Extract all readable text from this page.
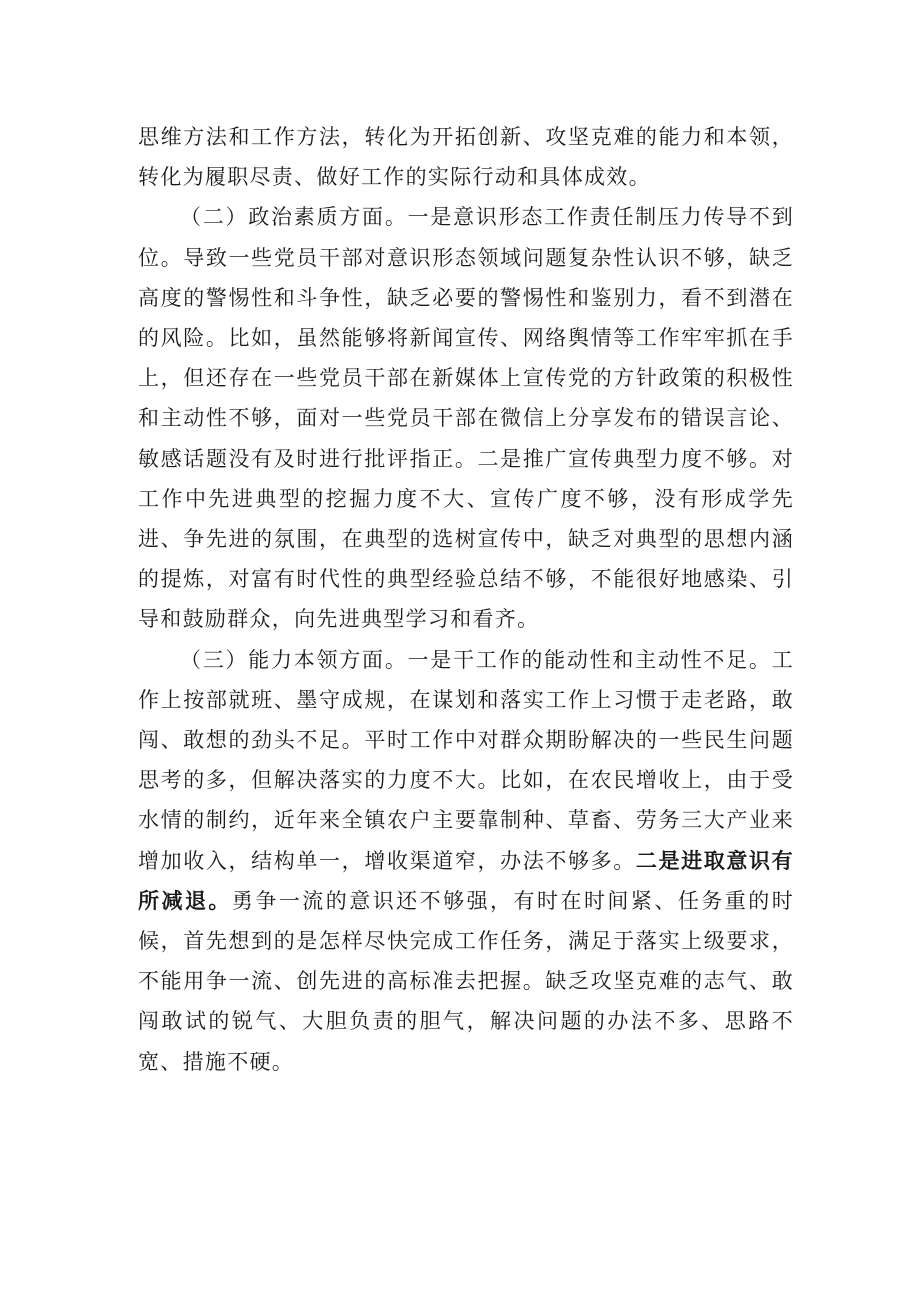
思维方法和工作方法，转化为开拓创新、攻坚克难的能力和本领，转化为履职尽责、做好工作的实际行动和具体成效。

（二）政治素质方面。一是意识形态工作责任制压力传导不到位。导致一些党员干部对意识形态领域问题复杂性认识不够，缺乏高度的警惕性和斗争性，缺乏必要的警惕性和鉴别力，看不到潜在的风险。比如，虽然能够将新闻宣传、网络舆情等工作牢牢抓在手上，但还存在一些党员干部在新媒体上宣传党的方针政策的积极性和主动性不够，面对一些党员干部在微信上分享发布的错误言论、敏感话题没有及时进行批评指正。二是推广宣传典型力度不够。对工作中先进典型的挖掘力度不大、宣传广度不够，没有形成学先进、争先进的氛围，在典型的选树宣传中，缺乏对典型的思想内涵的提炼，对富有时代性的典型经验总结不够，不能很好地感染、引导和鼓励群众，向先进典型学习和看齐。

（三）能力本领方面。一是干工作的能动性和主动性不足。工作上按部就班、墨守成规，在谋划和落实工作上习惯于走老路，敢闯、敢想的劲头不足。平时工作中对群众期盼解决的一些民生问题思考的多，但解决落实的力度不大。比如，在农民增收上，由于受水情的制约，近年来全镇农户主要靠制种、草畜、劳务三大产业来增加收入，结构单一，增收渠道窄，办法不够多。二是进取意识有所减退。勇争一流的意识还不够强，有时在时间紧、任务重的时候，首先想到的是怎样尽快完成工作任务，满足于落实上级要求，不能用争一流、创先进的高标准去把握。缺乏攻坚克难的志气、敢闯敢试的锐气、大胆负责的胆气，解决问题的办法不多、思路不宽、措施不硬。
